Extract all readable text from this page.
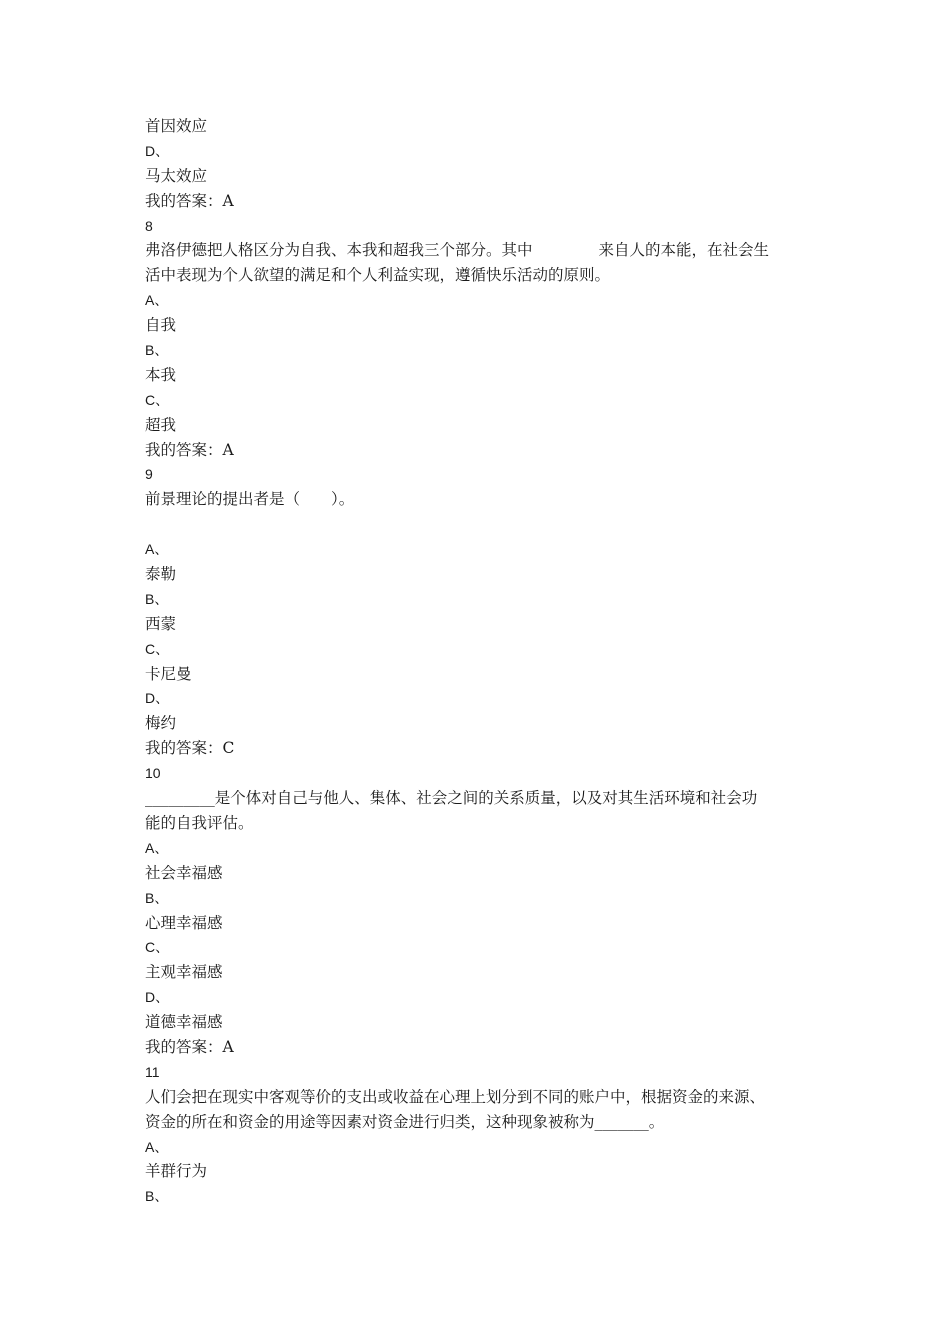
首因效应
D、
马太效应
我的答案：A
8
弗洛伊德把人格区分为自我、本我和超我三个部分。其中	来自人的本能，在社会生
活中表现为个人欲望的满足和个人利益实现，遵循快乐活动的原则。
A、
自我
B、
本我
C、
超我
我的答案：A
9
前景理论的提出者是（　　）。
A、
泰勒
B、
西蒙
C、
卡尼曼
D、
梅约
我的答案：C
10
_________是个体对自己与他人、集体、社会之间的关系质量，以及对其生活环境和社会功
能的自我评估。
A、
社会幸福感
B、
心理幸福感
C、
主观幸福感
D、
道德幸福感
我的答案：A
11
人们会把在现实中客观等价的支出或收益在心理上划分到不同的账户中，根据资金的来源、
资金的所在和资金的用途等因素对资金进行归类，这种现象被称为_______。
A、
羊群行为
B、
